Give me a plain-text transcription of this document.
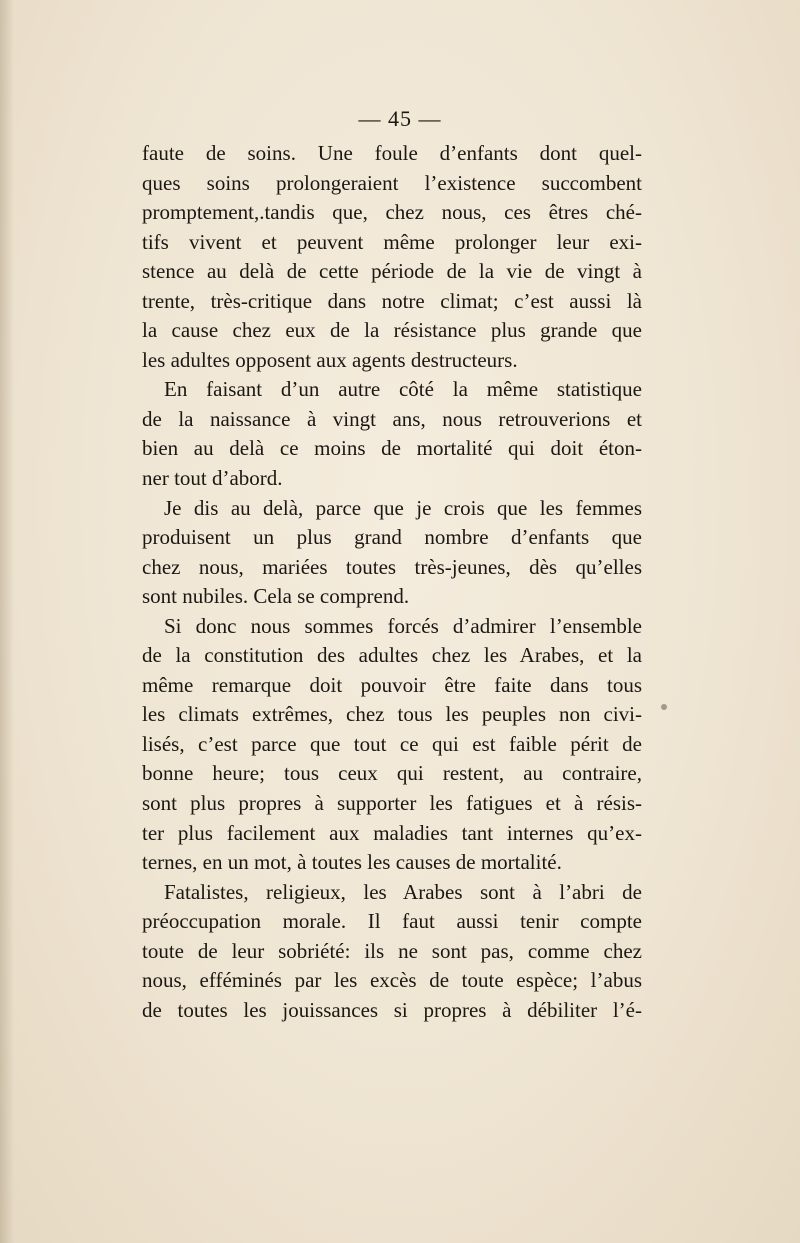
— 45 —
faute de soins. Une foule d’enfants dont quel-
ques soins prolongeraient l’existence succombent
promptement,.tandis que, chez nous, ces êtres ché-
tifs vivent et peuvent même prolonger leur exi-
stence au delà de cette période de la vie de vingt à
trente, très-critique dans notre climat; c’est aussi là
la cause chez eux de la résistance plus grande que
les adultes opposent aux agents destructeurs.
En faisant d’un autre côté la même statistique
de la naissance à vingt ans, nous retrouverions et
bien au delà ce moins de mortalité qui doit éton-
ner tout d’abord.
Je dis au delà, parce que je crois que les femmes
produisent un plus grand nombre d’enfants que
chez nous, mariées toutes très-jeunes, dès qu’elles
sont nubiles. Cela se comprend.
Si donc nous sommes forcés d’admirer l’ensemble
de la constitution des adultes chez les Arabes, et la
même remarque doit pouvoir être faite dans tous
les climats extrêmes, chez tous les peuples non civi-
lisés, c’est parce que tout ce qui est faible périt de
bonne heure; tous ceux qui restent, au contraire,
sont plus propres à supporter les fatigues et à résis-
ter plus facilement aux maladies tant internes qu’ex-
ternes, en un mot, à toutes les causes de mortalité.
Fatalistes, religieux, les Arabes sont à l’abri de
préoccupation morale. Il faut aussi tenir compte
toute de leur sobriété: ils ne sont pas, comme chez
nous, efféminés par les excès de toute espèce; l’abus
de toutes les jouissances si propres à débiliter l’é-
